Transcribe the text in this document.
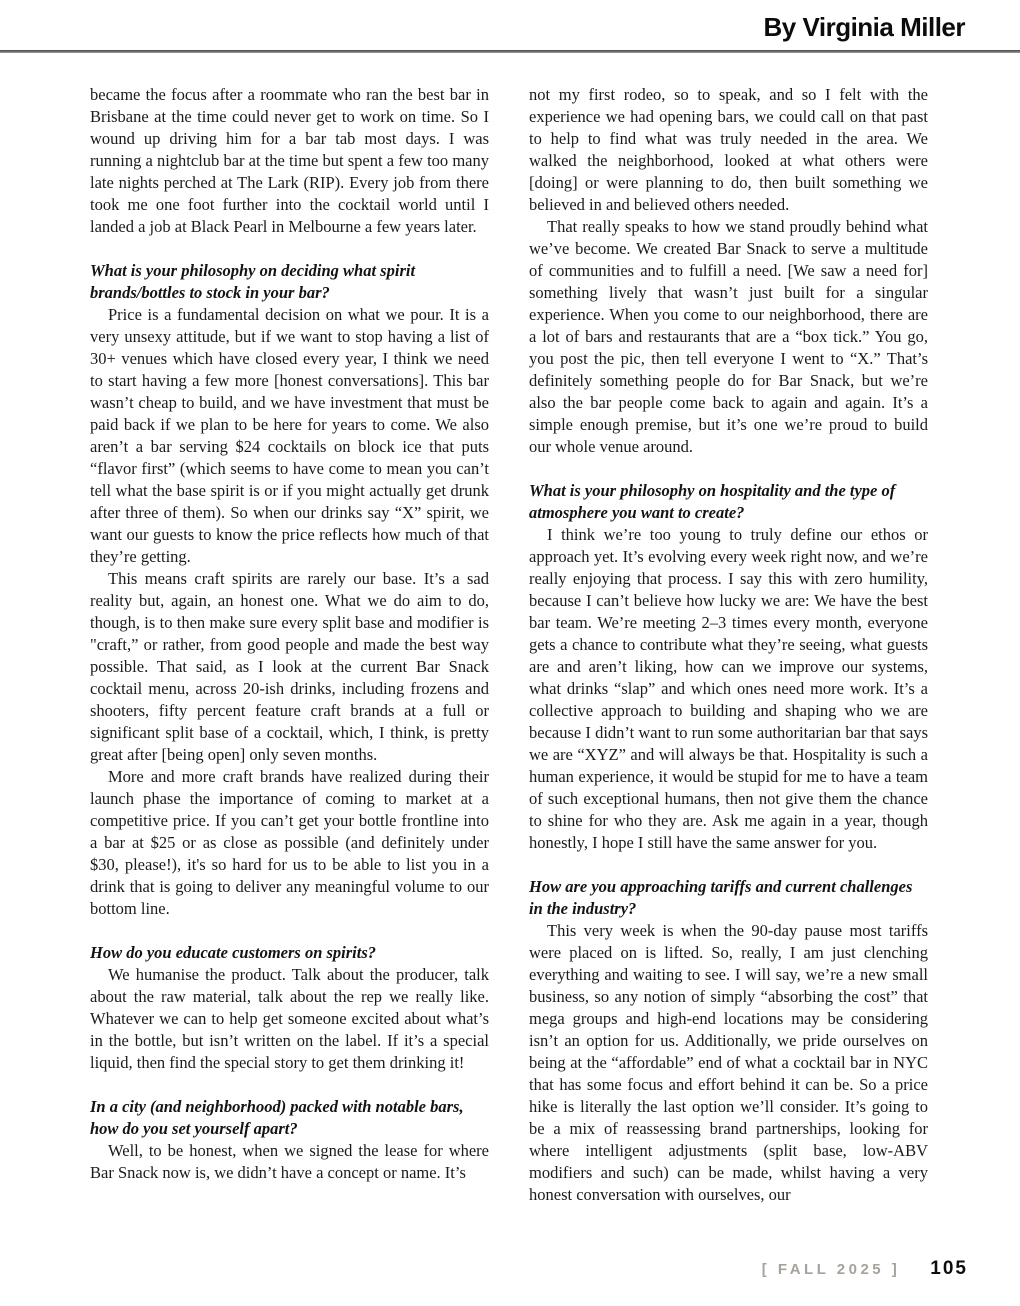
By Virginia Miller

became the focus after a roommate who ran the best bar in Brisbane at the time could never get to work on time. So I wound up driving him for a bar tab most days. I was running a nightclub bar at the time but spent a few too many late nights perched at The Lark (RIP). Every job from there took me one foot further into the cocktail world until I landed a job at Black Pearl in Melbourne a few years later.

What is your philosophy on deciding what spirit brands/bottles to stock in your bar?

Price is a fundamental decision on what we pour. It is a very unsexy attitude, but if we want to stop having a list of 30+ venues which have closed every year, I think we need to start having a few more [honest conversations]. This bar wasn’t cheap to build, and we have investment that must be paid back if we plan to be here for years to come. We also aren’t a bar serving $24 cocktails on block ice that puts “flavor first” (which seems to have come to mean you can’t tell what the base spirit is or if you might actually get drunk after three of them). So when our drinks say “X” spirit, we want our guests to know the price reflects how much of that they’re getting.

This means craft spirits are rarely our base. It’s a sad reality but, again, an honest one. What we do aim to do, though, is to then make sure every split base and modifier is "craft,” or rather, from good people and made the best way possible. That said, as I look at the current Bar Snack cocktail menu, across 20-ish drinks, including frozens and shooters, fifty percent feature craft brands at a full or significant split base of a cocktail, which, I think, is pretty great after [being open] only seven months.

More and more craft brands have realized during their launch phase the importance of coming to market at a competitive price. If you can’t get your bottle frontline into a bar at $25 or as close as possible (and definitely under $30, please!), it's so hard for us to be able to list you in a drink that is going to deliver any meaningful volume to our bottom line.

How do you educate customers on spirits?

We humanise the product. Talk about the producer, talk about the raw material, talk about the rep we really like. Whatever we can to help get someone excited about what’s in the bottle, but isn’t written on the label. If it’s a special liquid, then find the special story to get them drinking it!

In a city (and neighborhood) packed with notable bars, how do you set yourself apart?

Well, to be honest, when we signed the lease for where Bar Snack now is, we didn’t have a concept or name. It’s

not my first rodeo, so to speak, and so I felt with the experience we had opening bars, we could call on that past to help to find what was truly needed in the area. We walked the neighborhood, looked at what others were [doing] or were planning to do, then built something we believed in and believed others needed.

That really speaks to how we stand proudly behind what we’ve become. We created Bar Snack to serve a multitude of communities and to fulfill a need. [We saw a need for] something lively that wasn’t just built for a singular experience. When you come to our neighborhood, there are a lot of bars and restaurants that are a “box tick.” You go, you post the pic, then tell everyone I went to “X.” That’s definitely something people do for Bar Snack, but we’re also the bar people come back to again and again. It’s a simple enough premise, but it’s one we’re proud to build our whole venue around.

What is your philosophy on hospitality and the type of atmosphere you want to create?

I think we’re too young to truly define our ethos or approach yet. It’s evolving every week right now, and we’re really enjoying that process. I say this with zero humility, because I can’t believe how lucky we are: We have the best bar team. We’re meeting 2–3 times every month, everyone gets a chance to contribute what they’re seeing, what guests are and aren’t liking, how can we improve our systems, what drinks “slap” and which ones need more work. It’s a collective approach to building and shaping who we are because I didn’t want to run some authoritarian bar that says we are “XYZ” and will always be that. Hospitality is such a human experience, it would be stupid for me to have a team of such exceptional humans, then not give them the chance to shine for who they are. Ask me again in a year, though honestly, I hope I still have the same answer for you.

How are you approaching tariffs and current challenges in the industry?

This very week is when the 90-day pause most tariffs were placed on is lifted. So, really, I am just clenching everything and waiting to see. I will say, we’re a new small business, so any notion of simply “absorbing the cost” that mega groups and high-end locations may be considering isn’t an option for us. Additionally, we pride ourselves on being at the “affordable” end of what a cocktail bar in NYC that has some focus and effort behind it can be. So a price hike is literally the last option we’ll consider. It’s going to be a mix of reassessing brand partnerships, looking for where intelligent adjustments (split base, low-ABV modifiers and such) can be made, whilst having a very honest conversation with ourselves, our

[ FALL 2025 ] 105
